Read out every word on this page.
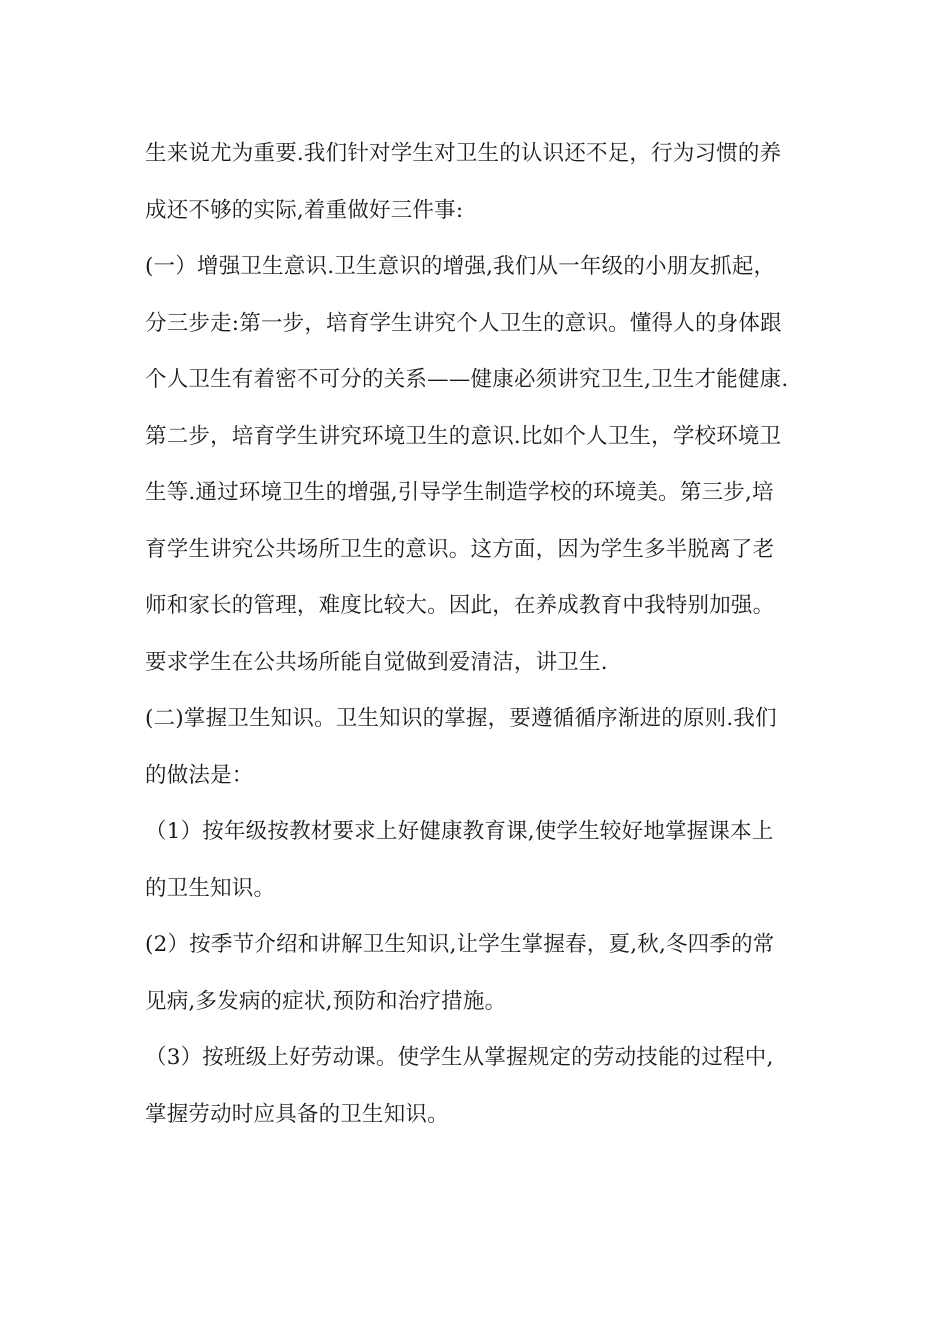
生来说尤为重要.我们针对学生对卫生的认识还不足，行为习惯的养
成还不够的实际,着重做好三件事:
(一）增强卫生意识.卫生意识的增强,我们从一年级的小朋友抓起，
分三步走:第一步，培育学生讲究个人卫生的意识。懂得人的身体跟
个人卫生有着密不可分的关系——健康必须讲究卫生,卫生才能健康.
第二步，培育学生讲究环境卫生的意识.比如个人卫生，学校环境卫
生等.通过环境卫生的增强,引导学生制造学校的环境美。第三步,培
育学生讲究公共场所卫生的意识。这方面，因为学生多半脱离了老
师和家长的管理，难度比较大。因此，在养成教育中我特别加强。
要求学生在公共场所能自觉做到爱清洁，讲卫生.
(二)掌握卫生知识。卫生知识的掌握，要遵循循序渐进的原则.我们
的做法是：
（1）按年级按教材要求上好健康教育课,使学生较好地掌握课本上
的卫生知识。
(2）按季节介绍和讲解卫生知识,让学生掌握春，夏,秋,冬四季的常
见病,多发病的症状,预防和治疗措施。
（3）按班级上好劳动课。使学生从掌握规定的劳动技能的过程中,
掌握劳动时应具备的卫生知识。
